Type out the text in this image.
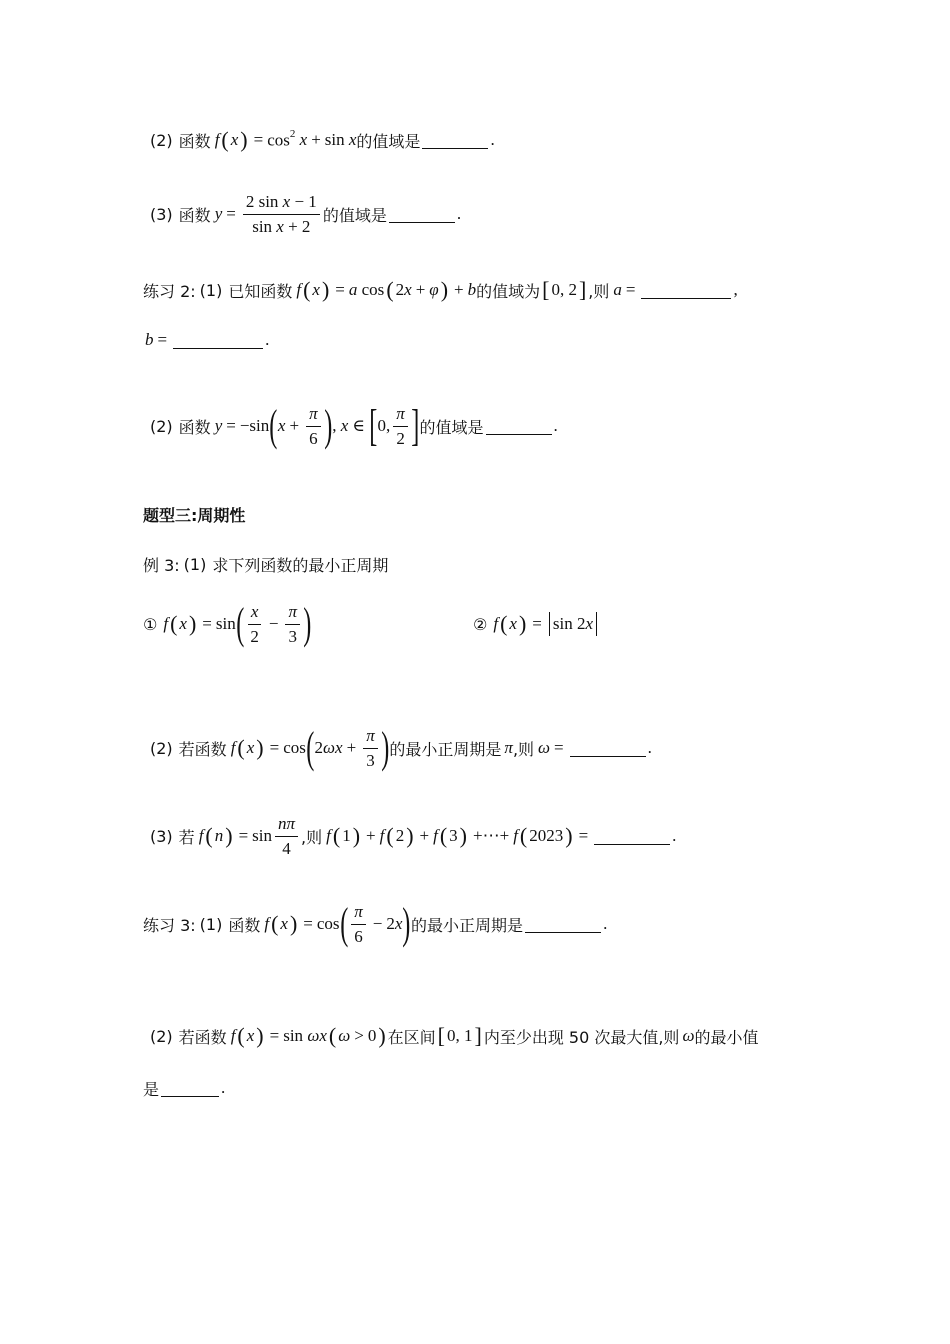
(2) 函数 f ( x ) = $\cos^2 x + \sin x$ 的值域是	.
(3) 函数 $y = \frac{\text{2 sin x − 1}}{\text{sin x + 2}}$ 的值域是	.
练习 2: (1) 已知函数 f ( x ) = a cos ( 2 x + φ ) + b 的值域为 [ 0, 2 ] ,则 a =	,
b =	.
(2) 函数 y = −sin ( $x + \frac{\pi}{6}$ ) , x ∈ [ 0, $\frac{\pi}{2}$ ] 的值域是	.
题型三:周期性
例 3: (1) 求下列函数的最小正周期
① f ( x ) = sin ( $\frac{x}{2} - \frac{\pi}{3}$ )	② f ( x ) = sin 2 x
(2) 若函数 f ( x ) = cos ( 2 $\omega x + \frac{\pi}{3}$ ) 的最小正周期是 π ,则 ω =	.
(3) 若 f ( n ) = $\sin \frac{n\pi}{4}$ ,则 f ( 1 ) + f ( 2 ) + f ( 3 ) +⋯+ f ( 2023 ) =	.
练习 3: (1) 函数 f ( x ) = cos ( $\frac{\pi}{6} - 2$ x ) 的最小正周期是	.
(2) 若函数 f ( x ) = sin ωx ( ω > 0 ) 在区间 [ 0, 1 ] 内至少出现 50 次最大值,则 ω 的最小值
是	.
